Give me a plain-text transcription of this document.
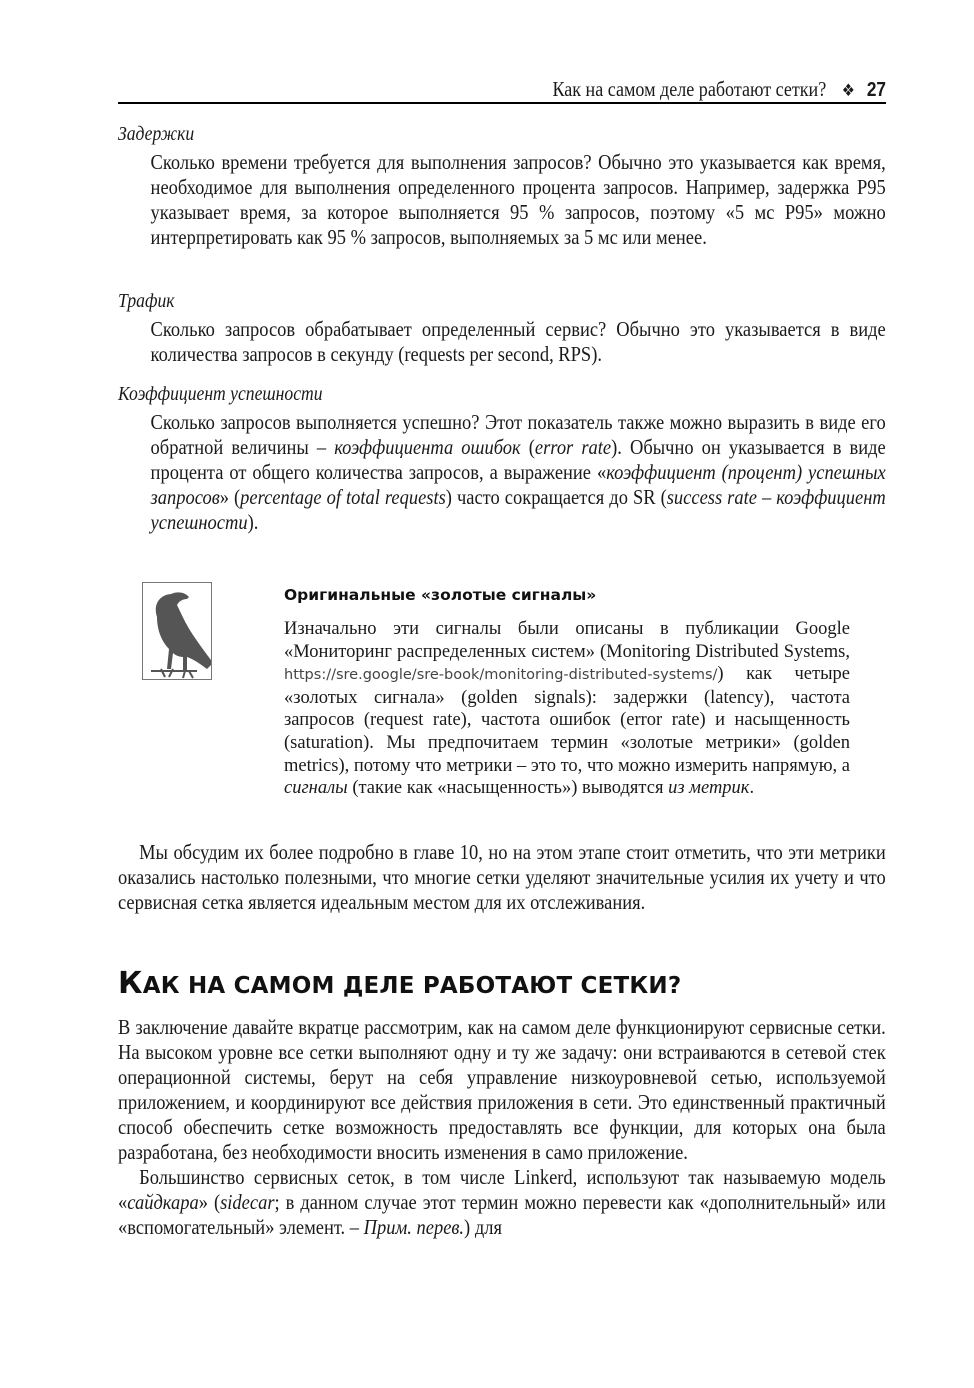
Как на самом деле работают сетки? ❖ 27
Задержки

Сколько времени требуется для выполнения запросов? Обычно это указывается как время, необходимое для выполнения определенного процента запросов. Например, задержка P95 указывает время, за которое выполняется 95 % запросов, поэтому «5 мс P95» можно интерпретировать как 95 % запросов, выполняемых за 5 мс или менее.

Трафик

Сколько запросов обрабатывает определенный сервис? Обычно это указывается в виде количества запросов в секунду (requests per second, RPS).

Коэффициент успешности

Сколько запросов выполняется успешно? Этот показатель также можно выразить в виде его обратной величины – коэффициента ошибок (error rate). Обычно он указывается в виде процента от общего количества запросов, а выражение «коэффициент (процент) успешных запросов» (percentage of total requests) часто сокращается до SR (success rate – коэффициент успешности).

Оригинальные «золотые сигналы»

Изначально эти сигналы были описаны в публикации Google «Мониторинг распределенных систем» (Monitoring Distributed Systems, https://sre.google/sre-book/monitoring-distributed-systems/) как четыре «золотых сигнала» (golden signals): задержки (latency), частота запросов (request rate), частота ошибок (error rate) и насыщенность (saturation). Мы предпочитаем термин «золотые метрики» (golden metrics), потому что метрики – это то, что можно измерить напрямую, а сигналы (такие как «насыщенность») выводятся из метрик.

Мы обсудим их более подробно в главе 10, но на этом этапе стоит отметить, что эти метрики оказались настолько полезными, что многие сетки уделяют значительные усилия их учету и что сервисная сетка является идеальным местом для их отслеживания.

КАК НА САМОМ ДЕЛЕ РАБОТАЮТ СЕТКИ?

В заключение давайте вкратце рассмотрим, как на самом деле функционируют сервисные сетки. На высоком уровне все сетки выполняют одну и ту же задачу: они встраиваются в сетевой стек операционной системы, берут на себя управление низкоуровневой сетью, используемой приложением, и координируют все действия приложения в сети. Это единственный практичный способ обеспечить сетке возможность предоставлять все функции, для которых она была разработана, без необходимости вносить изменения в само приложение.

Большинство сервисных сеток, в том числе Linkerd, используют так называемую модель «сайдкара» (sidecar; в данном случае этот термин можно перевести как «дополнительный» или «вспомогательный» элемент. – Прим. перев.) для
